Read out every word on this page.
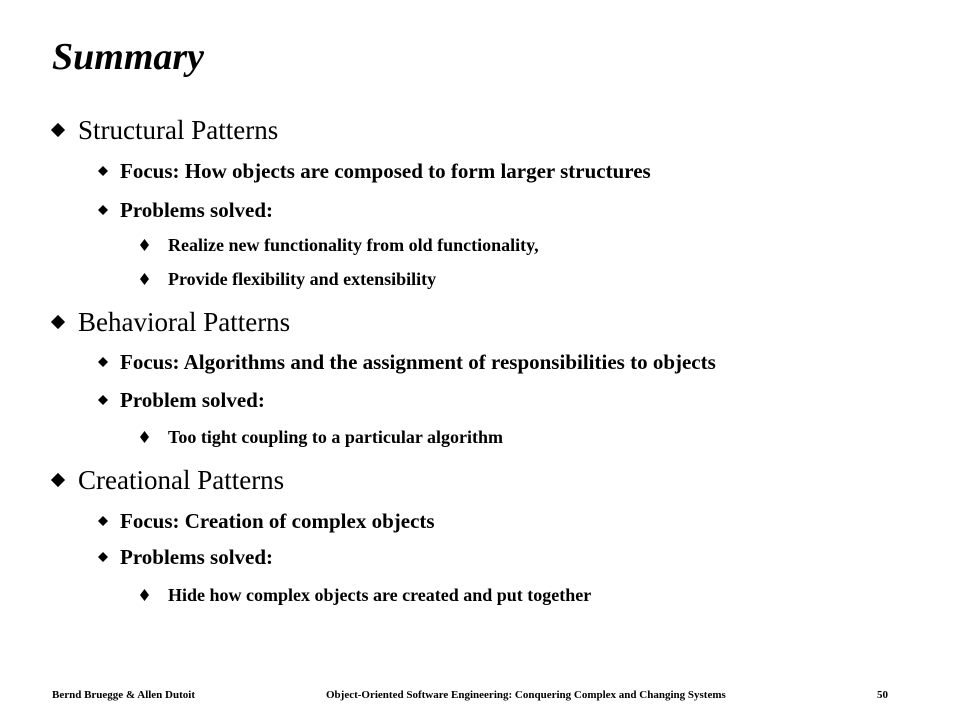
Summary
Structural Patterns
Focus: How objects are composed to form larger structures
Problems solved:
Realize new functionality from old functionality,
Provide flexibility and extensibility
Behavioral Patterns
Focus: Algorithms and the assignment of responsibilities to objects
Problem solved:
Too tight coupling to a particular algorithm
Creational Patterns
Focus: Creation of complex objects
Problems solved:
Hide how complex objects are created and put together
Bernd Bruegge & Allen Dutoit	Object-Oriented Software Engineering: Conquering Complex and Changing Systems	50
